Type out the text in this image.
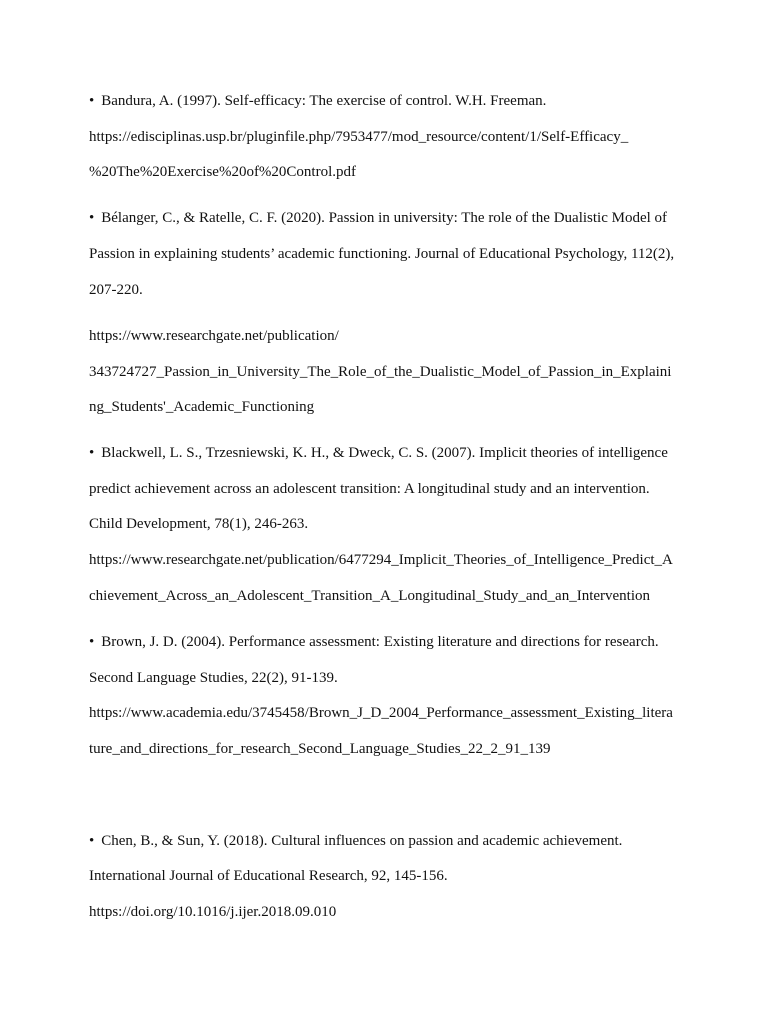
• Bandura, A. (1997). Self-efficacy: The exercise of control. W.H. Freeman.
https://edisciplinas.usp.br/pluginfile.php/7953477/mod_resource/content/1/Self-Efficacy_
%20The%20Exercise%20of%20Control.pdf
• Bélanger, C., & Ratelle, C. F. (2020). Passion in university: The role of the Dualistic Model of
Passion in explaining students’ academic functioning. Journal of Educational Psychology, 112(2),
207-220.
https://www.researchgate.net/publication/
343724727_Passion_in_University_The_Role_of_the_Dualistic_Model_of_Passion_in_Explaini
ng_Students'_Academic_Functioning
• Blackwell, L. S., Trzesniewski, K. H., & Dweck, C. S. (2007). Implicit theories of intelligence
predict achievement across an adolescent transition: A longitudinal study and an intervention.
Child Development, 78(1), 246-263.
https://www.researchgate.net/publication/6477294_Implicit_Theories_of_Intelligence_Predict_A
chievement_Across_an_Adolescent_Transition_A_Longitudinal_Study_and_an_Intervention
• Brown, J. D. (2004). Performance assessment: Existing literature and directions for research.
Second Language Studies, 22(2), 91-139.
https://www.academia.edu/3745458/Brown_J_D_2004_Performance_assessment_Existing_litera
ture_and_directions_for_research_Second_Language_Studies_22_2_91_139
• Chen, B., & Sun, Y. (2018). Cultural influences on passion and academic achievement.
International Journal of Educational Research, 92, 145-156.
https://doi.org/10.1016/j.ijer.2018.09.010
